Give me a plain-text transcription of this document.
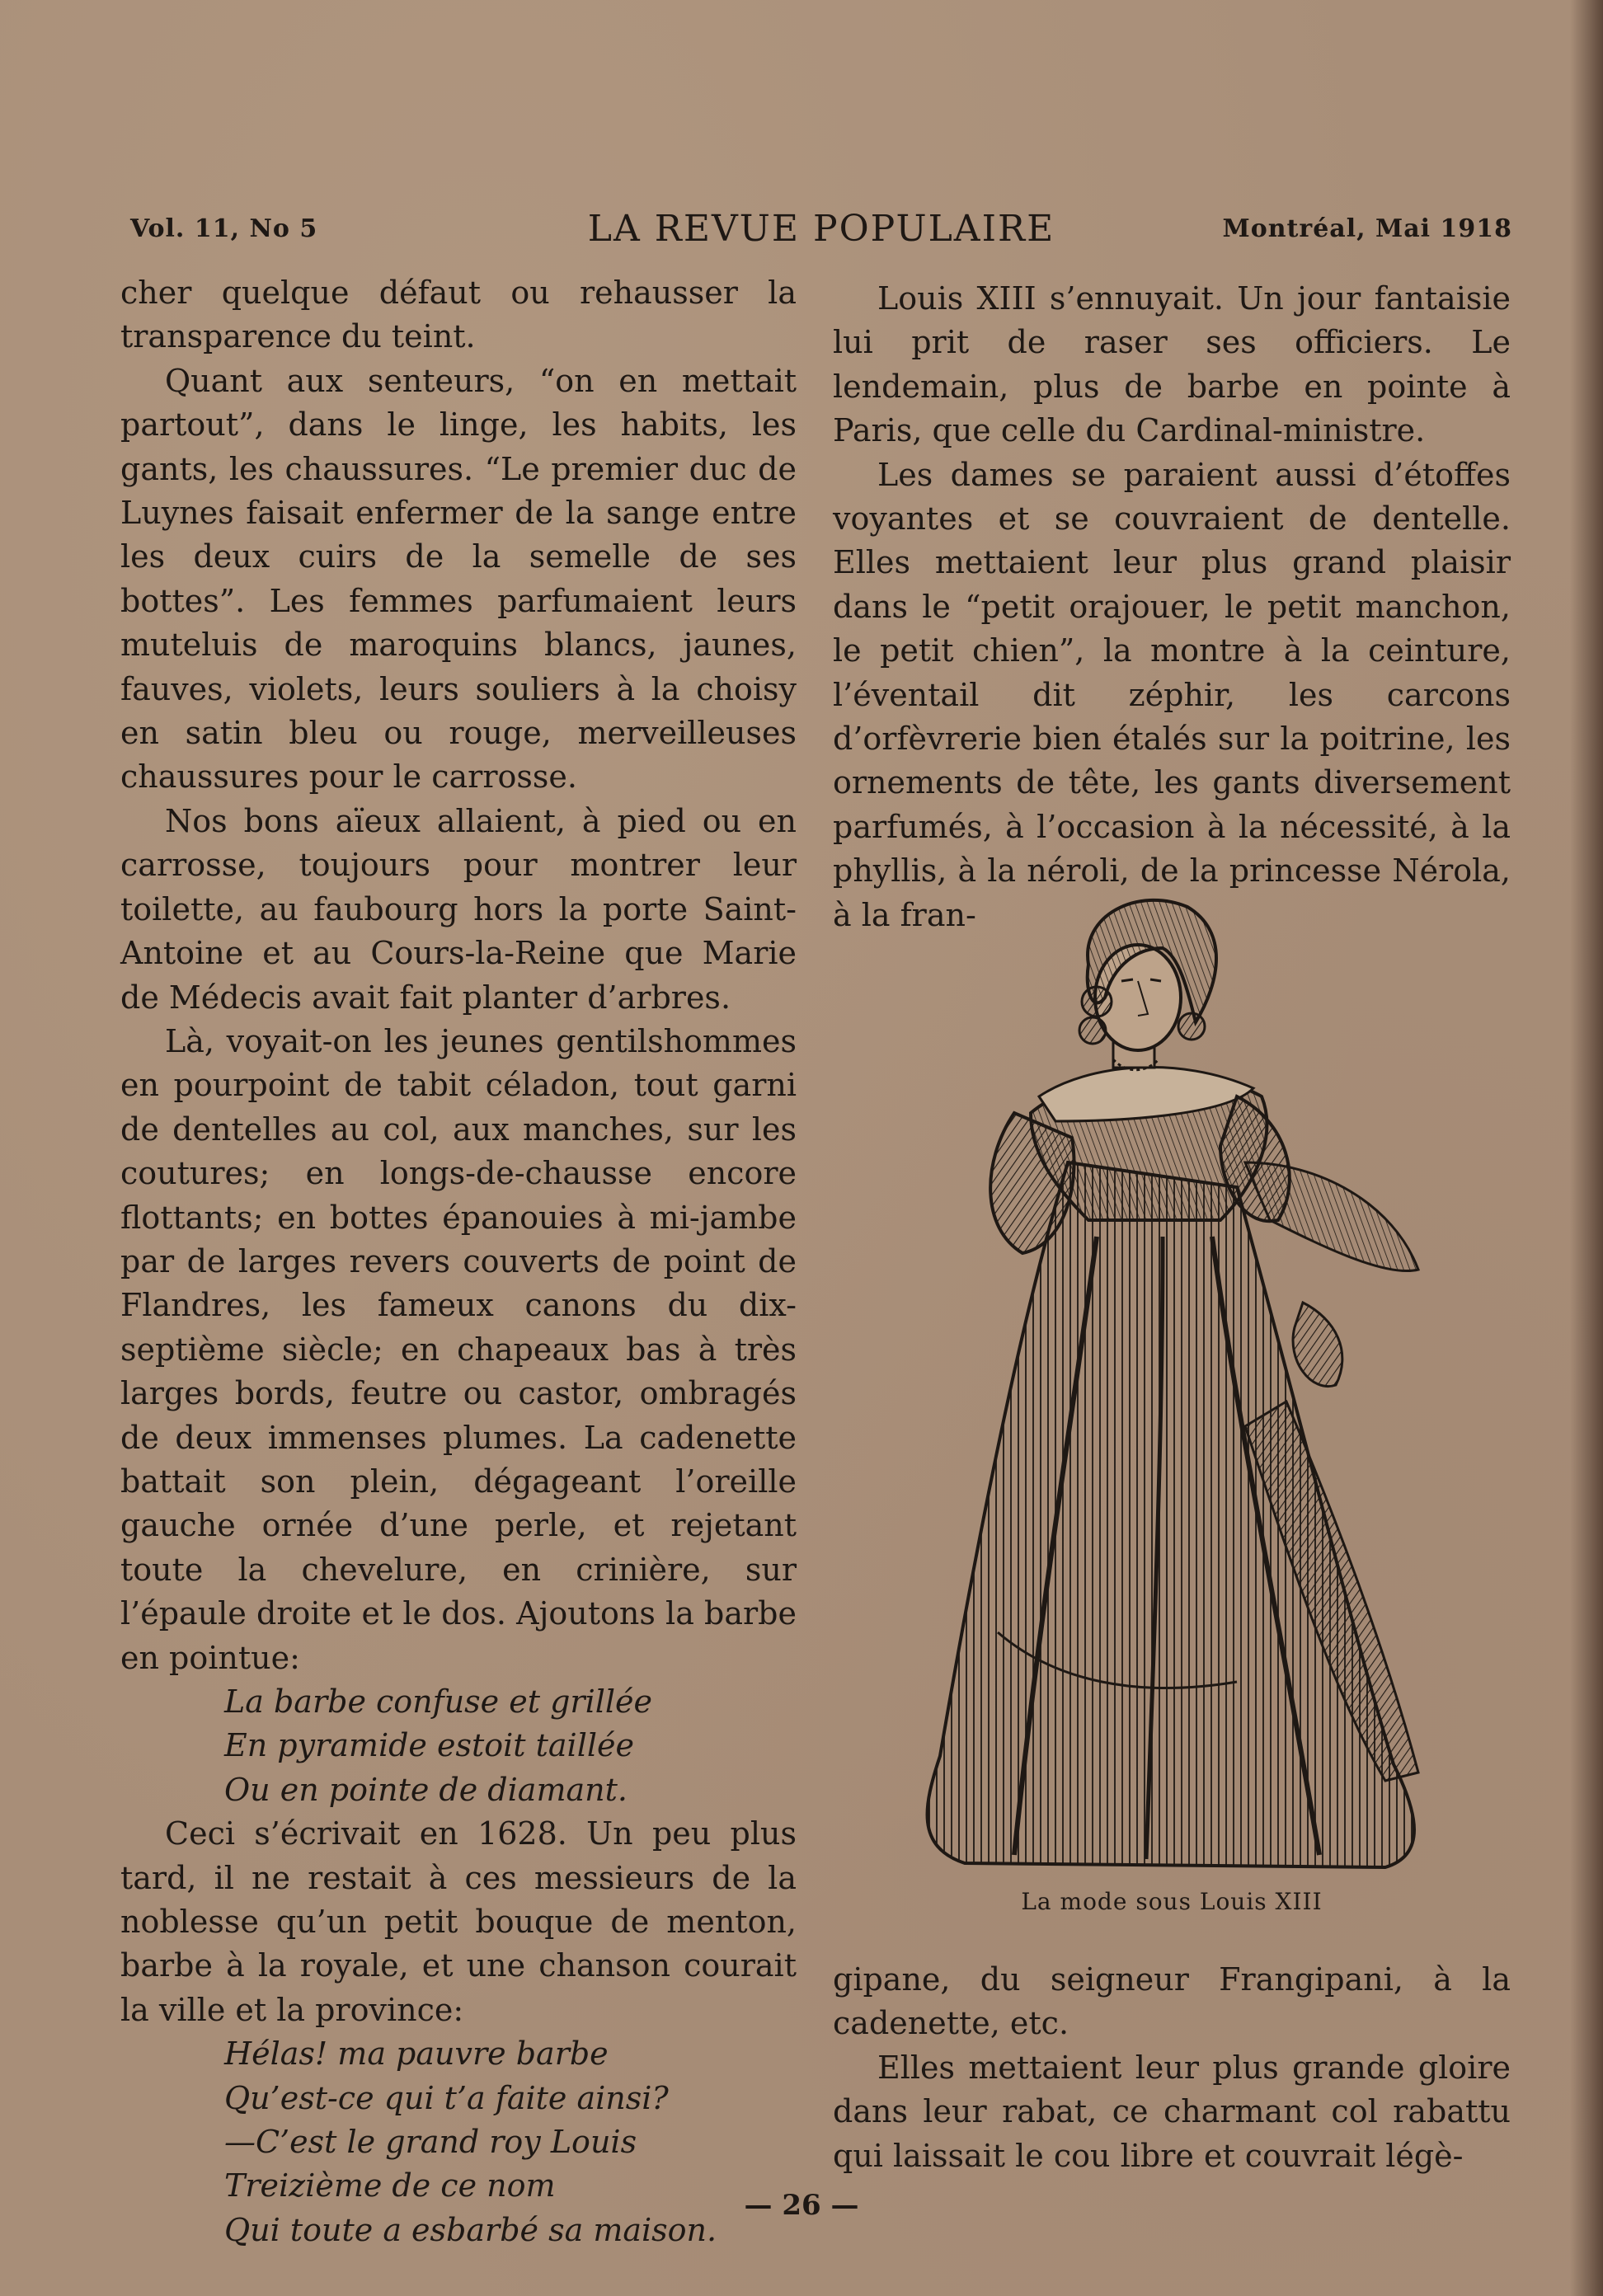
Vol. 11, No 5	LA REVUE POPULAIRE	Montréal, Mai 1918

cher quelque défaut ou rehausser la transparence du teint.

Quant aux senteurs, “on en mettait partout”, dans le linge, les habits, les gants, les chaussures. “Le premier duc de Luynes faisait enfermer de la sange entre les deux cuirs de la semelle de ses bottes”. Les femmes parfumaient leurs muteluis de maroquins blancs, jaunes, fauves, violets, leurs souliers à la choisy en satin bleu ou rouge, merveilleuses chaussures pour le carrosse.

Nos bons aïeux allaient, à pied ou en carrosse, toujours pour montrer leur toilette, au faubourg hors la porte Saint-Antoine et au Cours-la-Reine que Marie de Médecis avait fait planter d’arbres.

Là, voyait-on les jeunes gentilshommes en pourpoint de tabit céladon, tout garni de dentelles au col, aux manches, sur les coutures; en longs-de-chausse encore flottants; en bottes épanouies à mi-jambe par de larges revers couverts de point de Flandres, les fameux canons du dix-septième siècle; en chapeaux bas à très larges bords, feutre ou castor, ombragés de deux immenses plumes. La cadenette battait son plein, dégageant l’oreille gauche ornée d’une perle, et rejetant toute la chevelure, en crinière, sur l’épaule droite et le dos. Ajoutons la barbe en pointue:

La barbe confuse et grillée
En pyramide estoit taillée
Ou en pointe de diamant.

Ceci s’écrivait en 1628. Un peu plus tard, il ne restait à ces messieurs de la noblesse qu’un petit bouque de menton, barbe à la royale, et une chanson courait la ville et la province:

Hélas! ma pauvre barbe
Qu’est-ce qui t’a faite ainsi?
—C’est le grand roy Louis
Treizième de ce nom
Qui toute a esbarbé sa maison.

Louis XIII s’ennuyait. Un jour fantaisie lui prit de raser ses officiers. Le lendemain, plus de barbe en pointe à Paris, que celle du Cardinal-ministre.

Les dames se paraient aussi d’étoffes voyantes et se couvraient de dentelle. Elles mettaient leur plus grand plaisir dans le “petit orajouer, le petit manchon, le petit chien”, la montre à la ceinture, l’éventail dit zéphir, les carcons d’orfèvrerie bien étalés sur la poitrine, les ornements de tête, les gants diversement parfumés, à l’occasion à la nécessité, à la phyllis, à la néroli, de la princesse Nérola, à la fran-

La mode sous Louis XIII

gipane, du seigneur Frangipani, à la cadenette, etc.

Elles mettaient leur plus grande gloire dans leur rabat, ce charmant col rabattu qui laissait le cou libre et couvrait légè-

— 26 —
